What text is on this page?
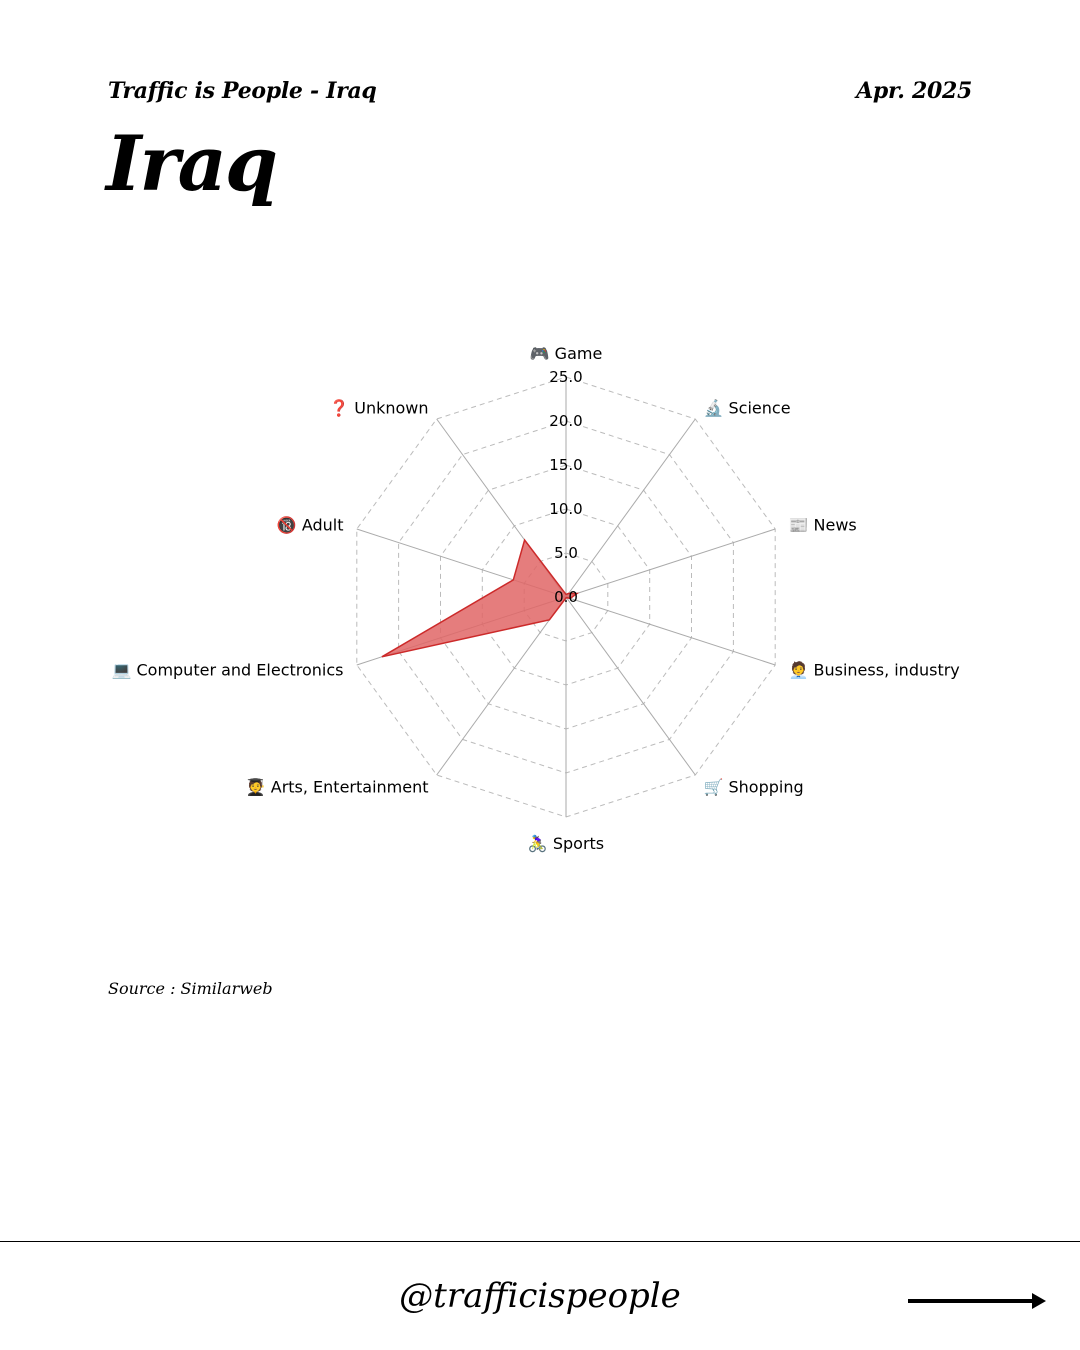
Traffic is People - Iraq	Apr. 2025
Iraq
0.0
5.0
10.0
15.0
20.0
25.0
🎮 Game
🔬 Science
📰 News
🧑‍💼 Business, industry
🛒 Shopping
🚴‍♀️ Sports
🧑‍🎓 Arts, Entertainment
💻 Computer and Electronics
🔞 Adult
❓ Unknown
Source : Similarweb
@trafficispeople
